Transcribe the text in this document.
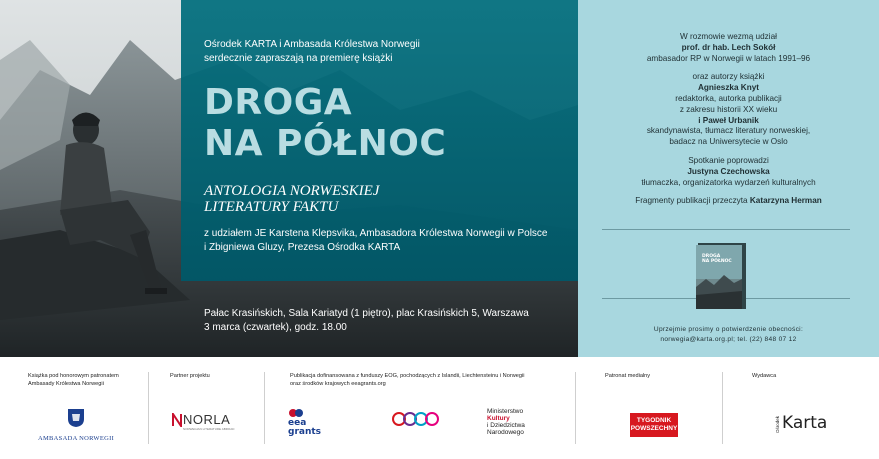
Ośrodek KARTA i Ambasada Królestwa Norwegii
serdecznie zapraszają na premierę książki
DROGA
NA PÓŁNOC
ANTOLOGIA NORWESKIEJ
LITERATURY FAKTU
z udziałem JE Karstena Klepsvika, Ambasadora Królestwa Norwegii w Polsce
i Zbigniewa Gluzy, Prezesa Ośrodka KARTA
Pałac Krasińskich, Sala Kariatyd (1 piętro), plac Krasińskich 5, Warszawa
3 marca (czwartek), godz. 18.00
W rozmowie wezmą udział
prof. dr hab. Lech Sokół
ambasador RP w Norwegii w latach 1991–96
oraz autorzy książki
Agnieszka Knyt
redaktorka, autorka publikacji
z zakresu historii XX wieku
i Paweł Urbanik
skandynawista, tłumacz literatury norweskiej,
badacz na Uniwersytecie w Oslo
Spotkanie poprowadzi
Justyna Czechowska
tłumaczka, organizatorka wydarzeń kulturalnych
Fragmenty publikacji przeczyta Katarzyna Herman
DROGA
NA PÓŁNOC
Uprzejmie prosimy o potwierdzenie obecności:
norwegia@karta.org.pl; tel. (22) 848 07 12
Książka pod honorowym patronatem
Ambasady Królestwa Norwegii
Partner projektu	Publikacja dofinansowana z funduszy EOG, pochodzących z Islandii, Liechtensteinu i Norwegii
oraz środków krajowych eeagrants.org
Patronat medialny	Wydawca
AMBASADA NORWEGII
NORLA
NORWEGIAN LITERATURE ABROAD
eea
grants
Ministerstwo
Kultury
i Dziedzictwa
Narodowego
TYGODNIK
POWSZECHNY	Ośrodek Karta
